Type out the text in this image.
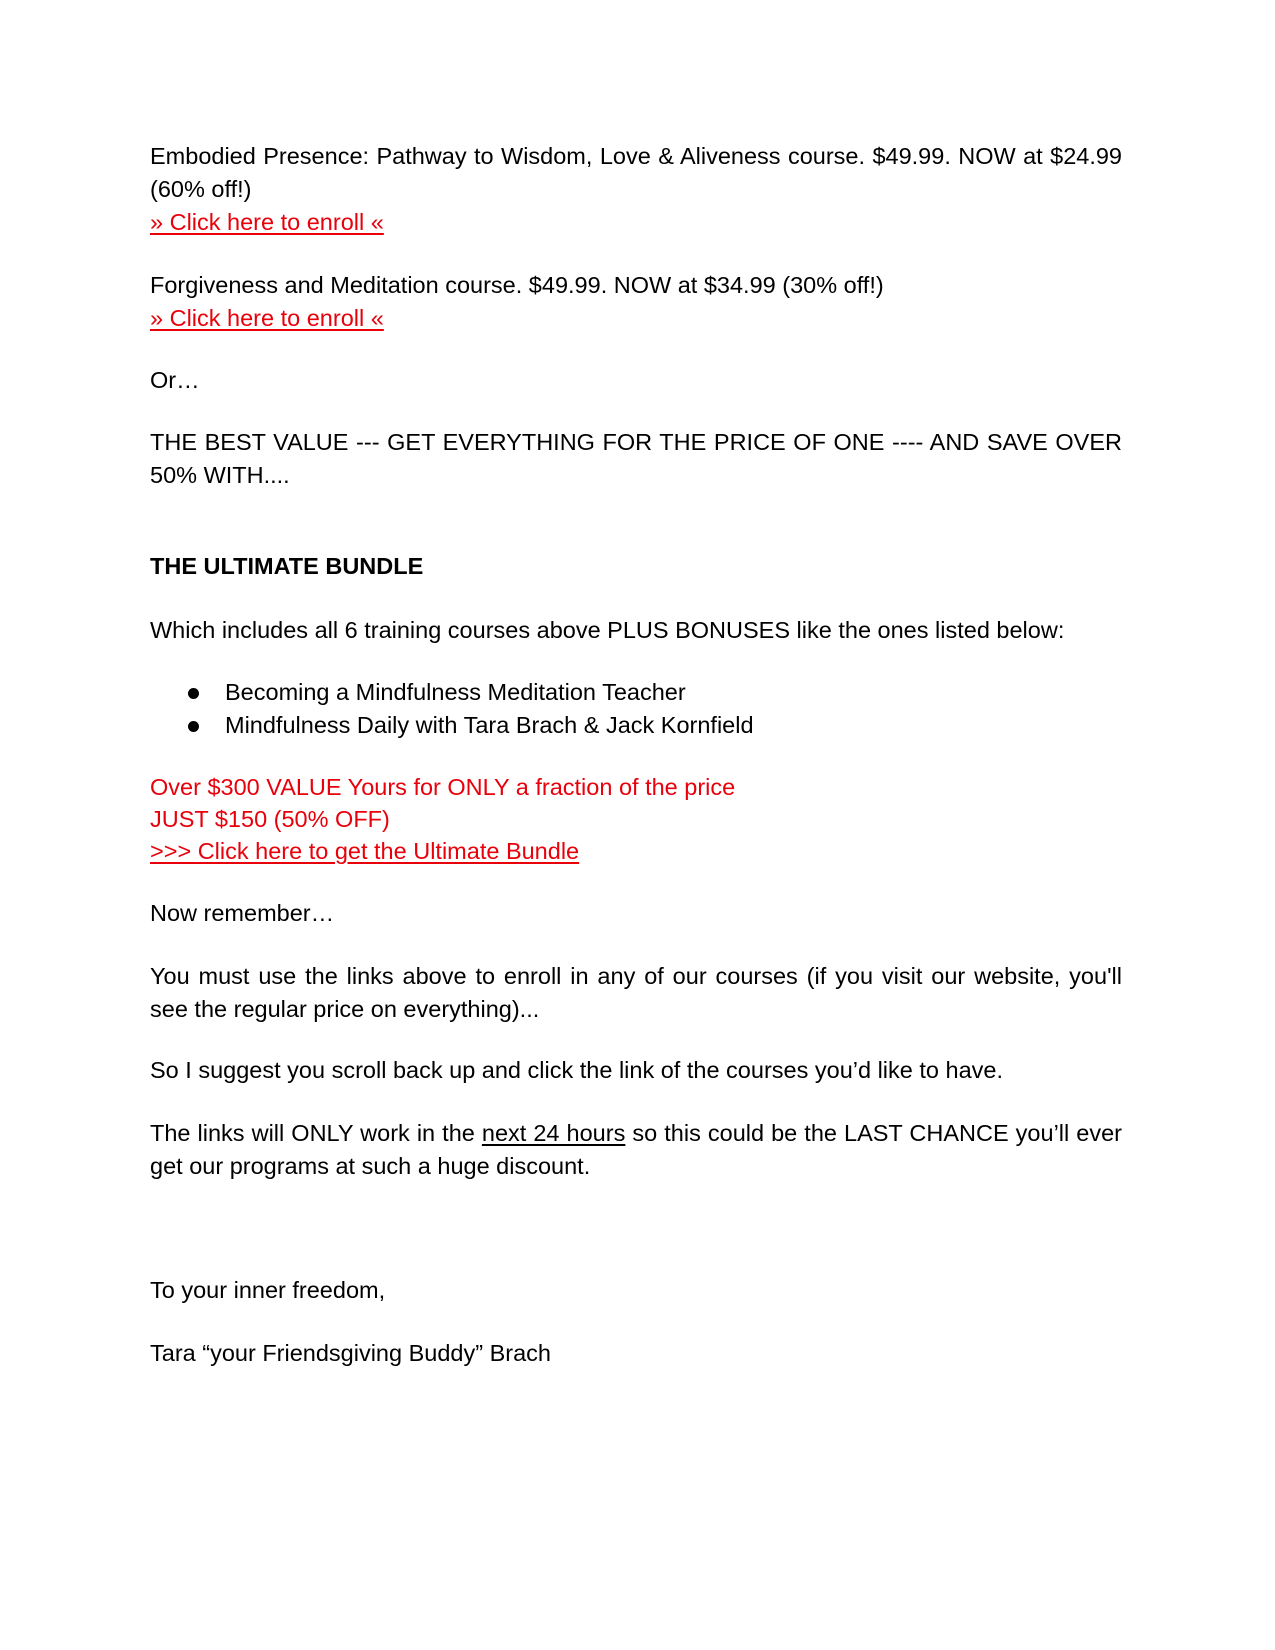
Embodied Presence: Pathway to Wisdom, Love & Aliveness course. $49.99. NOW at $24.99 (60% off!)

» Click here to enroll «

Forgiveness and Meditation course. $49.99. NOW at $34.99 (30% off!)

» Click here to enroll «

Or…

THE BEST VALUE --- GET EVERYTHING FOR THE PRICE OF ONE ---- AND SAVE OVER 50% WITH....

THE ULTIMATE BUNDLE

Which includes all 6 training courses above PLUS BONUSES like the ones listed below:

Becoming a Mindfulness Meditation Teacher
Mindfulness Daily with Tara Brach & Jack Kornfield

Over $300 VALUE Yours for ONLY a fraction of the price

JUST $150 (50% OFF)

>>> Click here to get the Ultimate Bundle

Now remember…

You must use the links above to enroll in any of our courses (if you visit our website, you'll see the regular price on everything)...

So I suggest you scroll back up and click the link of the courses you’d like to have.

The links will ONLY work in the next 24 hours so this could be the LAST CHANCE you’ll ever get our programs at such a huge discount.

To your inner freedom,

Tara “your Friendsgiving Buddy” Brach
